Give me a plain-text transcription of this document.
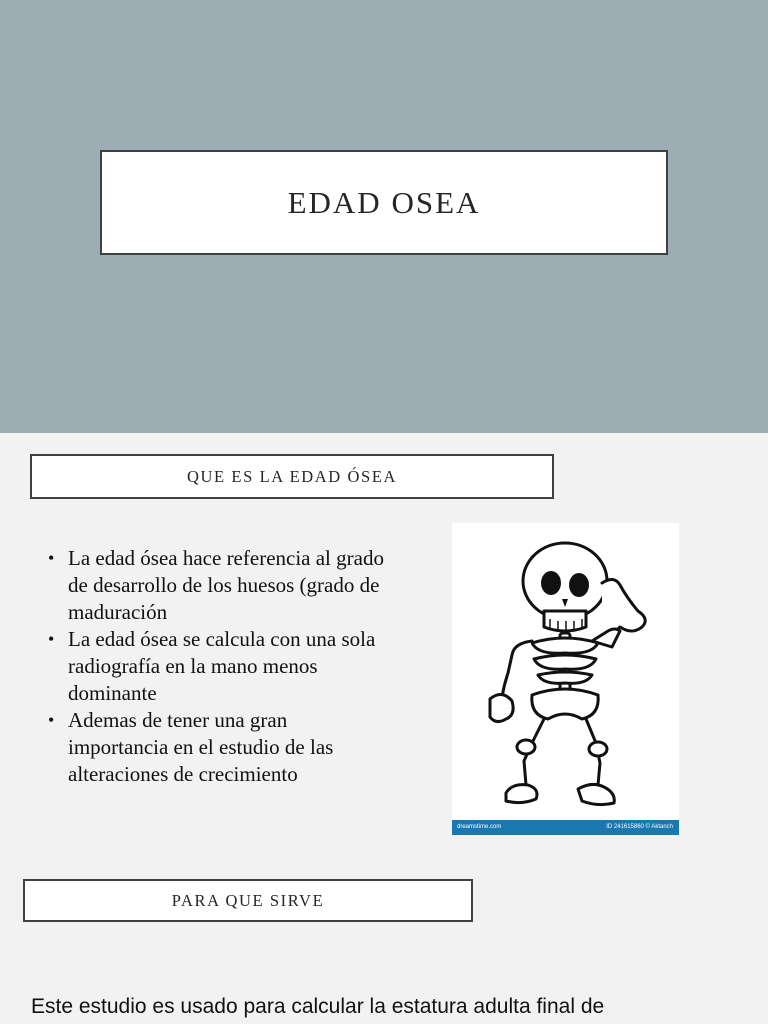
EDAD OSEA
QUE ES LA EDAD ÓSEA
• La edad ósea hace referencia al grado de desarrollo de los huesos (grado de maduración
• La edad ósea se calcula con una sola radiografía en la mano menos dominante
• Ademas de tener una gran importancia en el estudio de las alteraciones de crecimiento
dreamstime.com	ID 241615860 © Aktanch
PARA QUE SIRVE
Este estudio es usado para calcular la estatura adulta final de
